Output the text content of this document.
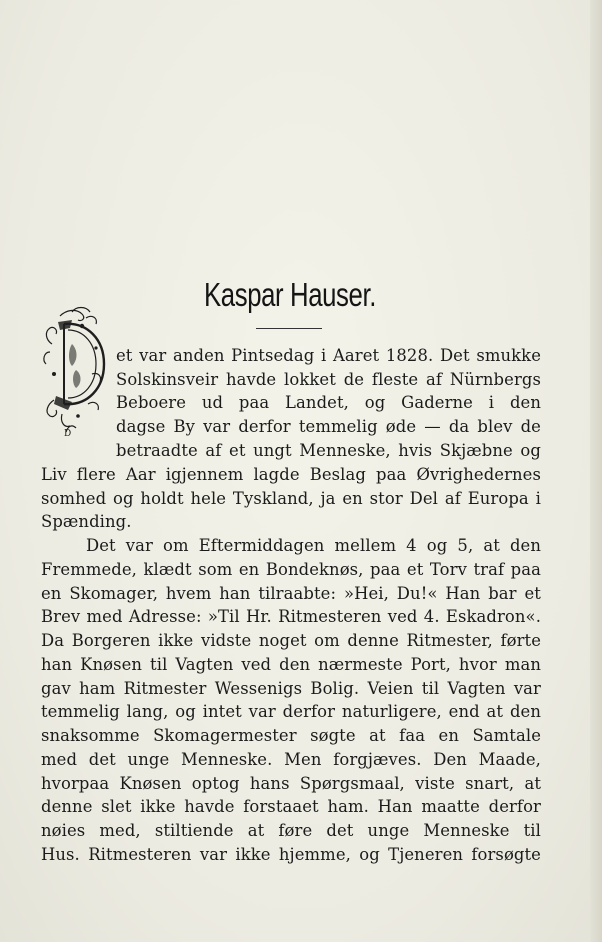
Kaspar Hauser.
D
et var anden Pintsedag i Aaret 1828. Det smukke
Solskinsveir havde lokket de fleste af Nürnbergs
Beboere ud paa Landet, og Gaderne i den
dagse By var derfor temmelig øde — da blev de
betraadte af et ungt Menneske, hvis Skjæbne og
Liv flere Aar igjennem lagde Beslag paa Øvrighedernes
somhed og holdt hele Tyskland, ja en stor Del af Europa i
Spænding.
Det var om Eftermiddagen mellem 4 og 5, at den
Fremmede, klædt som en Bondeknøs, paa et Torv traf paa
en Skomager, hvem han tilraabte: »Hei, Du!« Han bar et
Brev med Adresse: »Til Hr. Ritmesteren ved 4. Eskadron«.
Da Borgeren ikke vidste noget om denne Ritmester, førte
han Knøsen til Vagten ved den nærmeste Port, hvor man
gav ham Ritmester Wessenigs Bolig. Veien til Vagten var
temmelig lang, og intet var derfor naturligere, end at den
snaksomme Skomagermester søgte at faa en Samtale
med det unge Menneske. Men forgjæves. Den Maade,
hvorpaa Knøsen optog hans Spørgsmaal, viste snart, at
denne slet ikke havde forstaaet ham. Han maatte derfor
nøies med, stiltiende at føre det unge Menneske til
Hus. Ritmesteren var ikke hjemme, og Tjeneren forsøgte
